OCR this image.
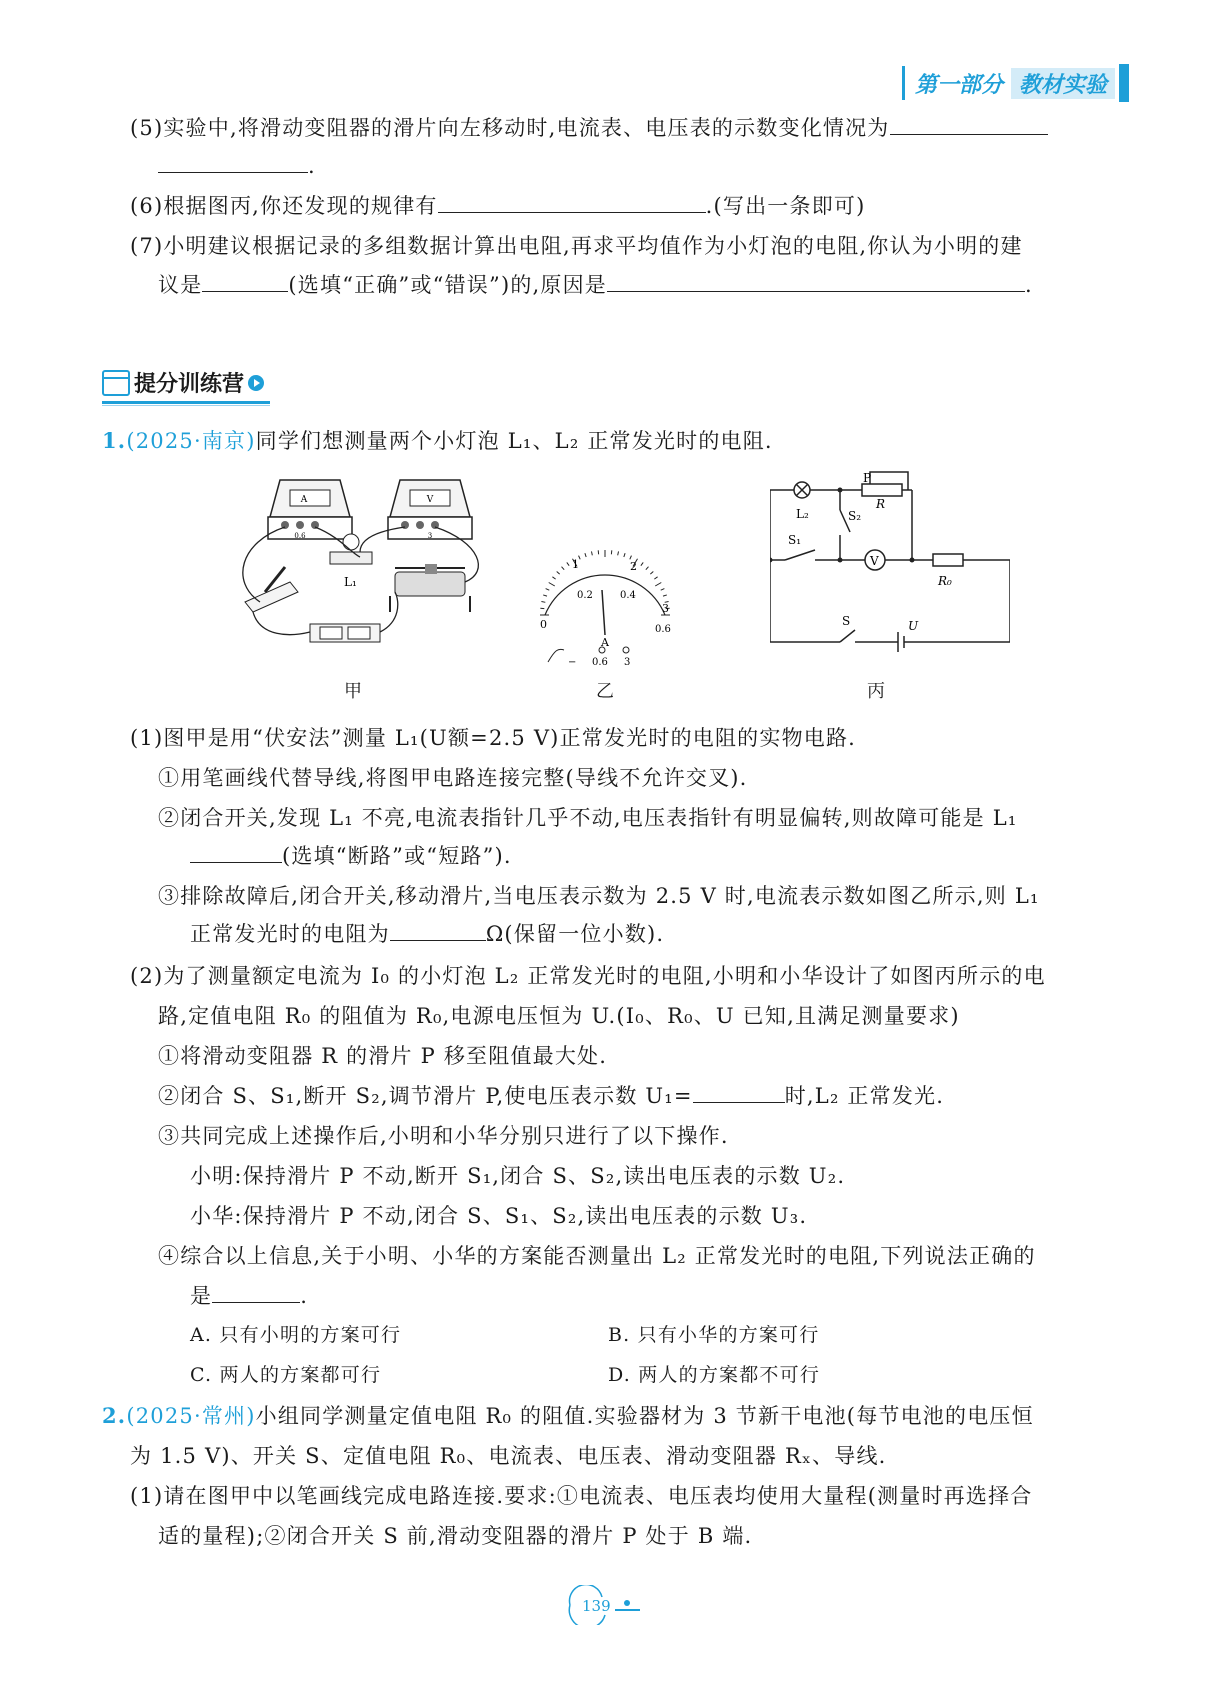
第一部分 教材实验
(5)实验中,将滑动变阻器的滑片向左移动时,电流表、电压表的示数变化情况为
.
(6)根据图丙,你还发现的规律有	.(写出一条即可)
(7)小明建议根据记录的多组数据计算出电阻,再求平均值作为小灯泡的电阻,你认为小明的建
议是	(选填“正确”或“错误”)的,原因是	.
提分训练营
1.(2025·南京)同学们想测量两个小灯泡 L₁、L₂ 正常发光时的电阻.
A
0.6
V
3
L₁
甲
0
1	2
3
0.2	0.4
0.6
A
− 0.6 3
乙
L₂	S₂
P
R
S₁
V
R₀
S	U
丙
(1)图甲是用“伏安法”测量 L₁(U额=2.5 V)正常发光时的电阻的实物电路.
①用笔画线代替导线,将图甲电路连接完整(导线不允许交叉).
②闭合开关,发现 L₁ 不亮,电流表指针几乎不动,电压表指针有明显偏转,则故障可能是 L₁
(选填“断路”或“短路”).
③排除故障后,闭合开关,移动滑片,当电压表示数为 2.5 V 时,电流表示数如图乙所示,则 L₁
正常发光时的电阻为	Ω(保留一位小数).
(2)为了测量额定电流为 I₀ 的小灯泡 L₂ 正常发光时的电阻,小明和小华设计了如图丙所示的电
路,定值电阻 R₀ 的阻值为 R₀,电源电压恒为 U.(I₀、R₀、U 已知,且满足测量要求)
①将滑动变阻器 R 的滑片 P 移至阻值最大处.
②闭合 S、S₁,断开 S₂,调节滑片 P,使电压表示数 U₁=	时,L₂ 正常发光.
③共同完成上述操作后,小明和小华分别只进行了以下操作.
小明:保持滑片 P 不动,断开 S₁,闭合 S、S₂,读出电压表的示数 U₂.
小华:保持滑片 P 不动,闭合 S、S₁、S₂,读出电压表的示数 U₃.
④综合以上信息,关于小明、小华的方案能否测量出 L₂ 正常发光时的电阻,下列说法正确的
是	.
A. 只有小明的方案可行	B. 只有小华的方案可行
C. 两人的方案都可行	D. 两人的方案都不可行
2.(2025·常州)小组同学测量定值电阻 R₀ 的阻值.实验器材为 3 节新干电池(每节电池的电压恒
为 1.5 V)、开关 S、定值电阻 R₀、电流表、电压表、滑动变阻器 Rₓ、导线.
(1)请在图甲中以笔画线完成电路连接.要求:①电流表、电压表均使用大量程(测量时再选择合
适的量程);②闭合开关 S 前,滑动变阻器的滑片 P 处于 B 端.
139
